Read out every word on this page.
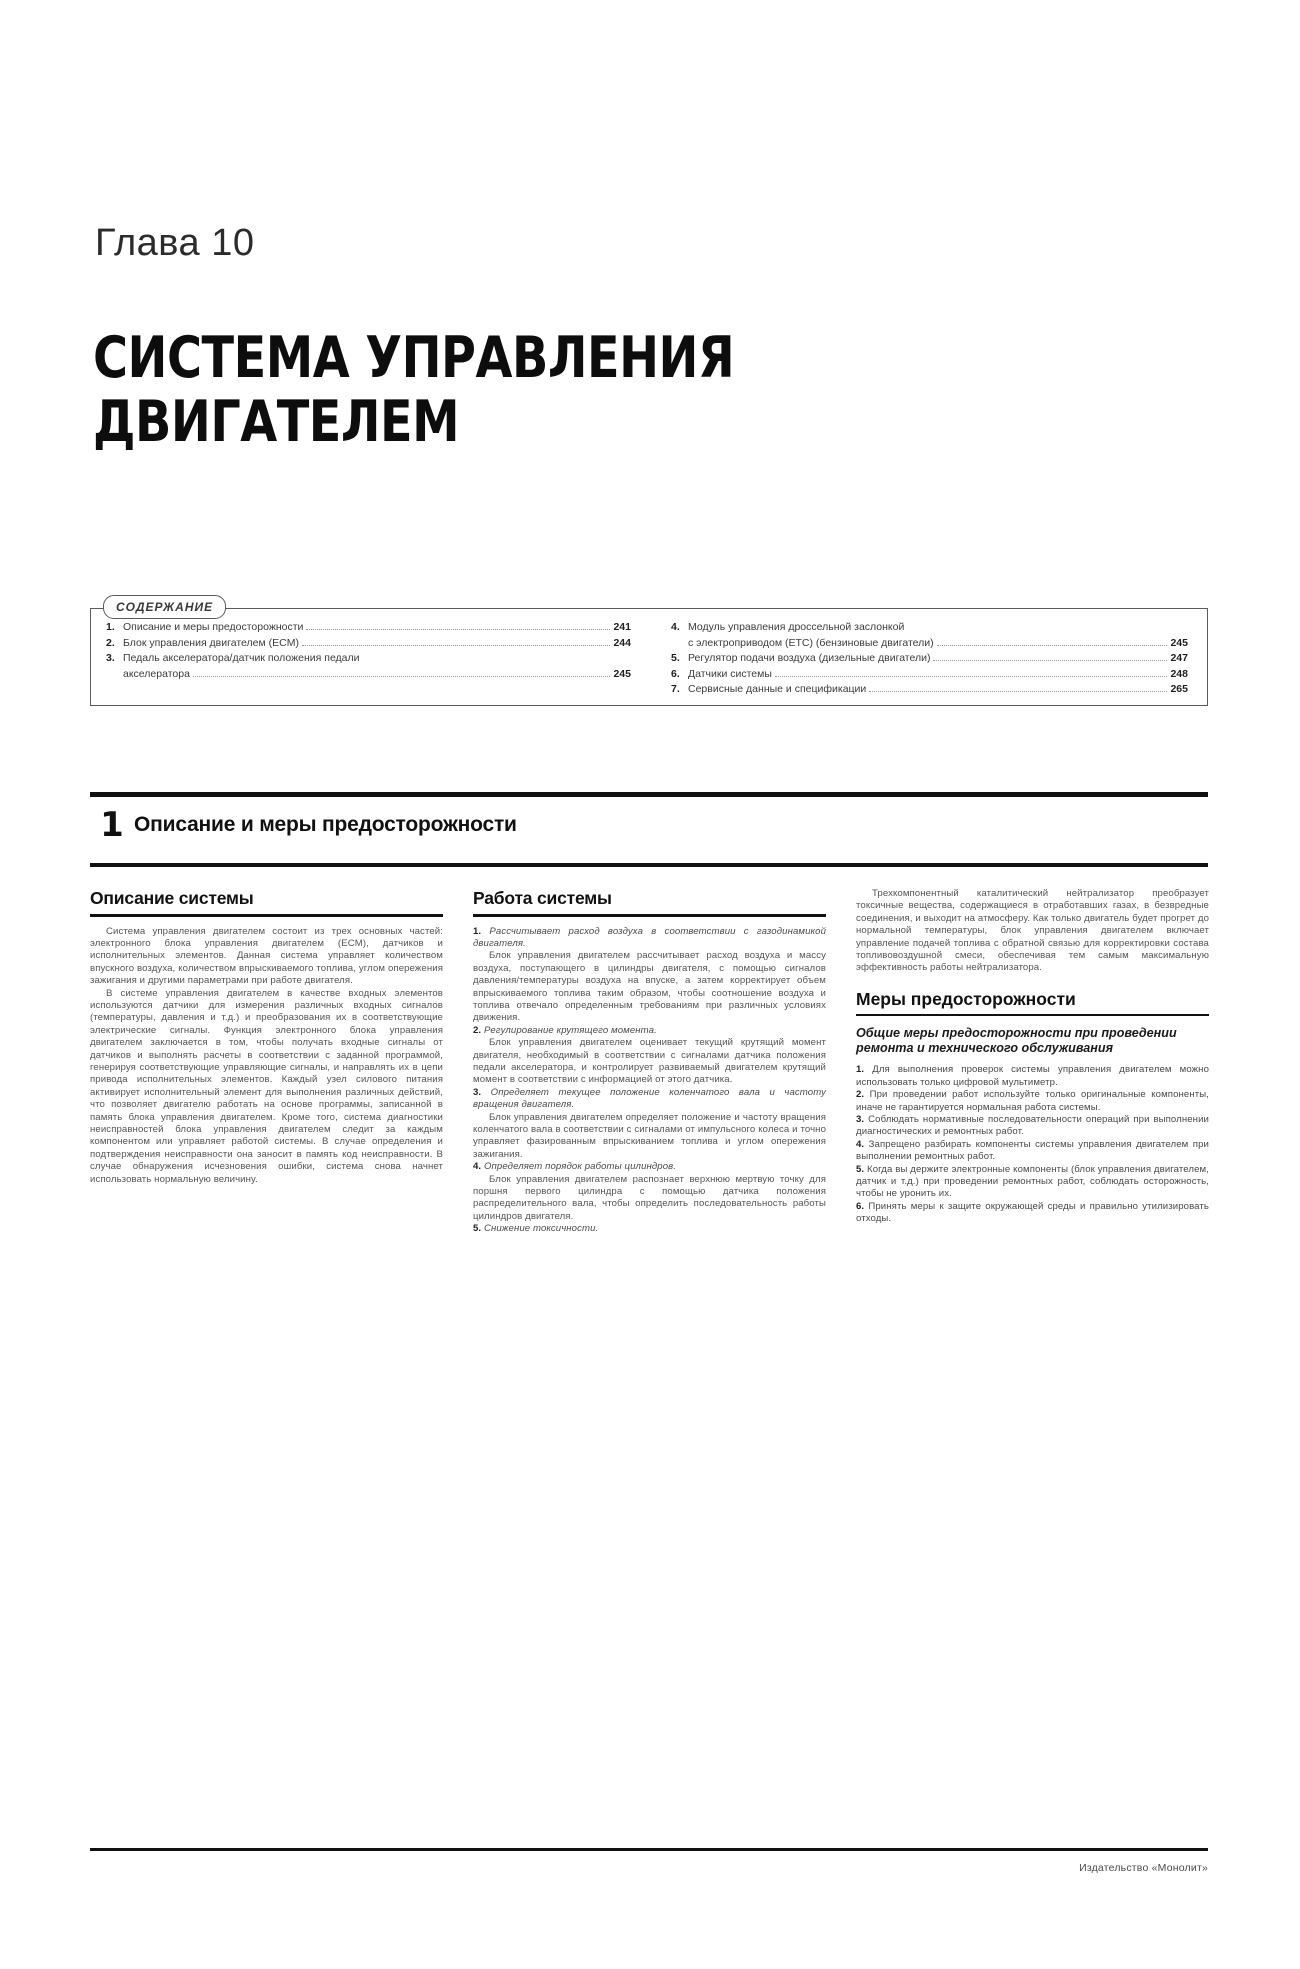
Глава 10
СИСТЕМА УПРАВЛЕНИЯ
ДВИГАТЕЛЕМ
СОДЕРЖАНИЕ
1. Описание и меры предосторожности	241
2. Блок управления двигателем (ECM)	244
3. Педаль акселератора/датчик положения педали
акселератора	245
4. Модуль управления дроссельной заслонкой
с электроприводом (ETC) (бензиновые двигатели)	245
5. Регулятор подачи воздуха (дизельные двигатели)	247
6. Датчики системы	248
7. Сервисные данные и спецификации	265
1 Описание и меры предосторожности
Описание системы

Система управления двигателем состоит из трех основных частей: электронного блока управления двигателем (ECM), датчиков и исполнительных элементов. Данная система управляет количеством впускного воздуха, количеством впрыскиваемого топлива, углом опережения зажигания и другими параметрами при работе двигателя.

В системе управления двигателем в качестве входных элементов используются датчики для измерения различных входных сигналов (температуры, давления и т.д.) и преобразования их в соответствующие электрические сигналы. Функция электронного блока управления двигателем заключается в том, чтобы получать входные сигналы от датчиков и выполнять расчеты в соответствии с заданной программой, генерируя соответствующие управляющие сигналы, и направлять их в цепи привода исполнительных элементов. Каждый узел силового питания активирует исполнительный элемент для выполнения различных действий, что позволяет двигателю работать на основе программы, записанной в память блока управления двигателем. Кроме того, система диагностики неисправностей блока управления двигателем следит за каждым компонентом или управляет работой системы. В случае определения и подтверждения неисправности она заносит в память код неисправности. В случае обнаружения исчезновения ошибки, система снова начнет использовать нормальную величину.

Работа системы

1. Рассчитывает расход воздуха в соответствии с газодинамикой двигателя.

Блок управления двигателем рассчитывает расход воздуха и массу воздуха, поступающего в цилиндры двигателя, с помощью сигналов давления/температуры воздуха на впуске, а затем корректирует объем впрыскиваемого топлива таким образом, чтобы соотношение воздуха и топлива отвечало определенным требованиям при различных условиях движения.

2. Регулирование крутящего момента.

Блок управления двигателем оценивает текущий крутящий момент двигателя, необходимый в соответствии с сигналами датчика положения педали акселератора, и контролирует развиваемый двигателем крутящий момент в соответствии с информацией от этого датчика.

3. Определяет текущее положение коленчатого вала и частоту вращения двигателя.

Блок управления двигателем определяет положение и частоту вращения коленчатого вала в соответствии с сигналами от импульсного колеса и точно управляет фазированным впрыскиванием топлива и углом опережения зажигания.

4. Определяет порядок работы цилиндров.

Блок управления двигателем распознает верхнюю мертвую точку для поршня первого цилиндра с помощью датчика положения распределительного вала, чтобы определить последовательность работы цилиндров двигателя.

5. Снижение токсичности.

Трехкомпонентный каталитический нейтрализатор преобразует токсичные вещества, содержащиеся в отработавших газах, в безвредные соединения, и выходит на атмосферу. Как только двигатель будет прогрет до нормальной температуры, блок управления двигателем включает управление подачей топлива с обратной связью для корректировки состава топливовоздушной смеси, обеспечивая тем самым максимальную эффективность работы нейтрализатора.

Меры предосторожности
Общие меры предосторожности при проведении ремонта и технического обслуживания

1. Для выполнения проверок системы управления двигателем можно использовать только цифровой мультиметр.

2. При проведении работ используйте только оригинальные компоненты, иначе не гарантируется нормальная работа системы.

3. Соблюдать нормативные последовательности операций при выполнении диагностических и ремонтных работ.

4. Запрещено разбирать компоненты системы управления двигателем при выполнении ремонтных работ.

5. Когда вы держите электронные компоненты (блок управления двигателем, датчик и т.д.) при проведении ремонтных работ, соблюдать осторожность, чтобы не уронить их.

6. Принять меры к защите окружающей среды и правильно утилизировать отходы.

Издательство «Монолит»
